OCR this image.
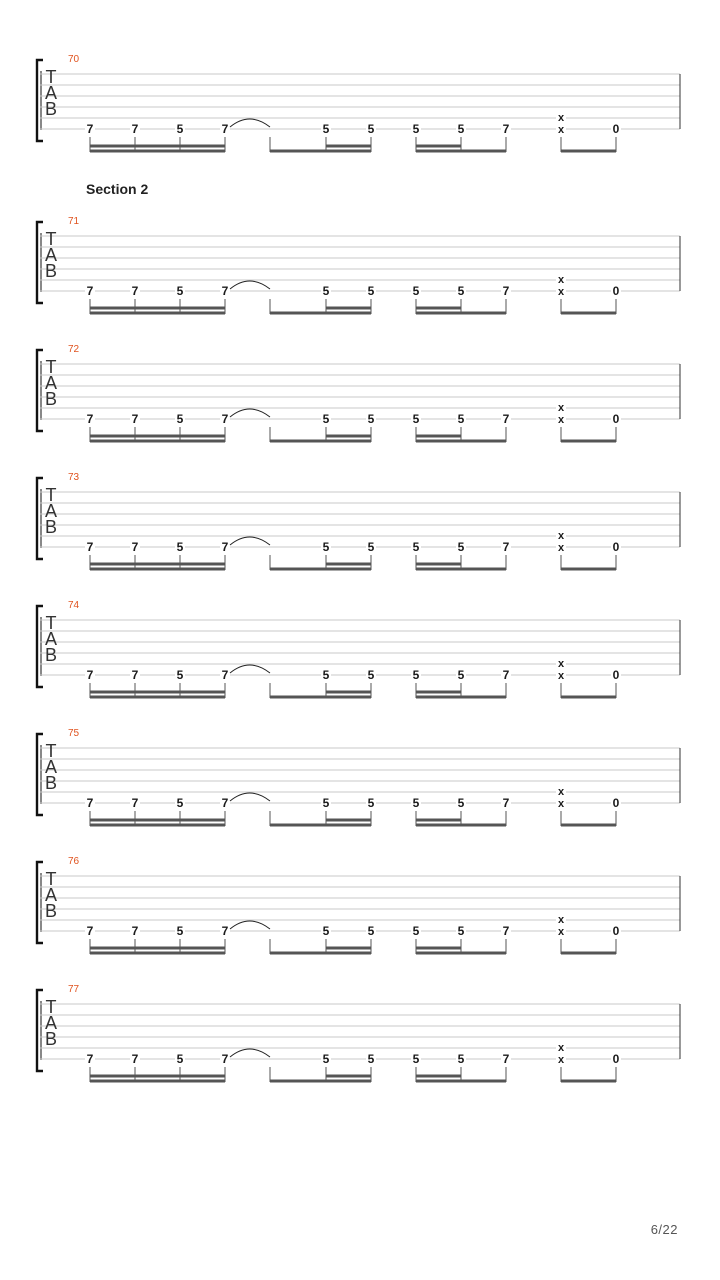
Section 2
70
T
A
B
7	7	5	7	5	5	5	5	7	x
x
0
71
T
A
B
7	7	5	7	5	5	5	5	7	x
x
0
72
T
A
B
7	7	5	7	5	5	5	5	7	x
x
0
73
T
A
B
7	7	5	7	5	5	5	5	7	x
x
0
74
T
A
B
7	7	5	7	5	5	5	5	7	x
x
0
75
T
A
B
7	7	5	7	5	5	5	5	7	x
x
0
76
T
A
B
7	7	5	7	5	5	5	5	7	x
x
0
77
T
A
B
7	7	5	7	5	5	5	5	7	x
x
0
6/22
